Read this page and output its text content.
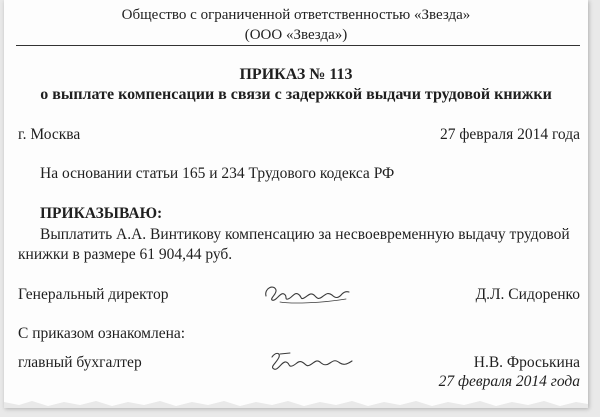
Общество с ограниченной ответственностью «Звезда»
(ООО «Звезда»)
ПРИКАЗ № 113
о выплате компенсации в связи с задержкой выдачи трудовой книжки
г. Москва	27 февраля 2014 года
На основании статьи 165 и 234 Трудового кодекса РФ
ПРИКАЗЫВАЮ:
Выплатить А.А. Винтикову компенсацию за несвоевременную выдачу трудовой
книжки в размере 61 904,44 руб.
Генеральный директор	Д.Л. Сидоренко
С приказом ознакомлена:
главный бухгалтер	Н.В. Фроськина
27 февраля 2014 года
